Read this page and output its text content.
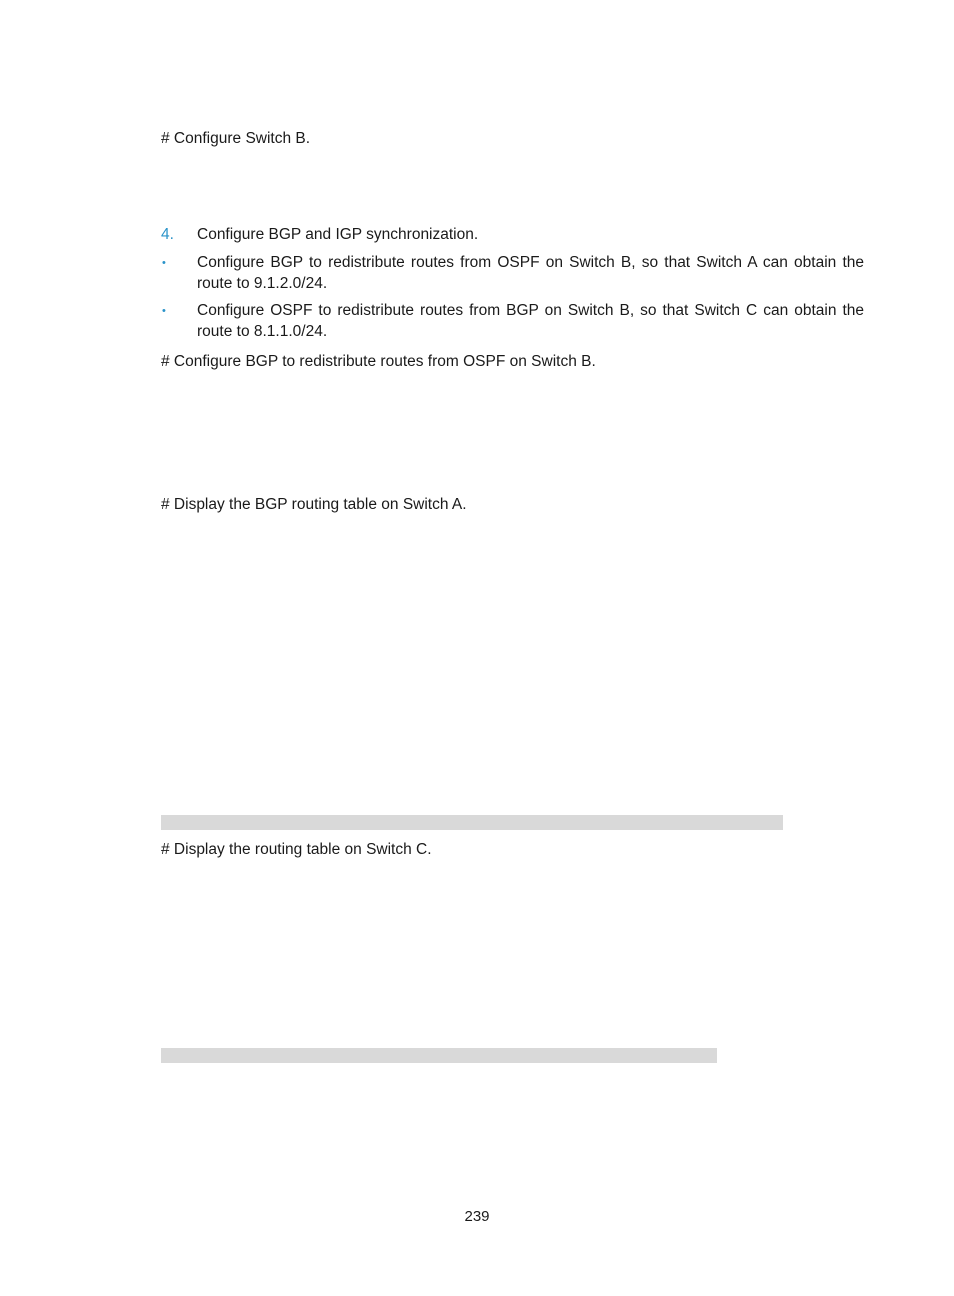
# Configure Switch B.
4.	Configure BGP and IGP synchronization.
•	Configure BGP to redistribute routes from OSPF on Switch B, so that Switch A can obtain the route to 9.1.2.0/24.
•	Configure OSPF to redistribute routes from BGP on Switch B, so that Switch C can obtain the route to 8.1.1.0/24.
# Configure BGP to redistribute routes from OSPF on Switch B.
# Display the BGP routing table on Switch A.
# Display the routing table on Switch C.
239
